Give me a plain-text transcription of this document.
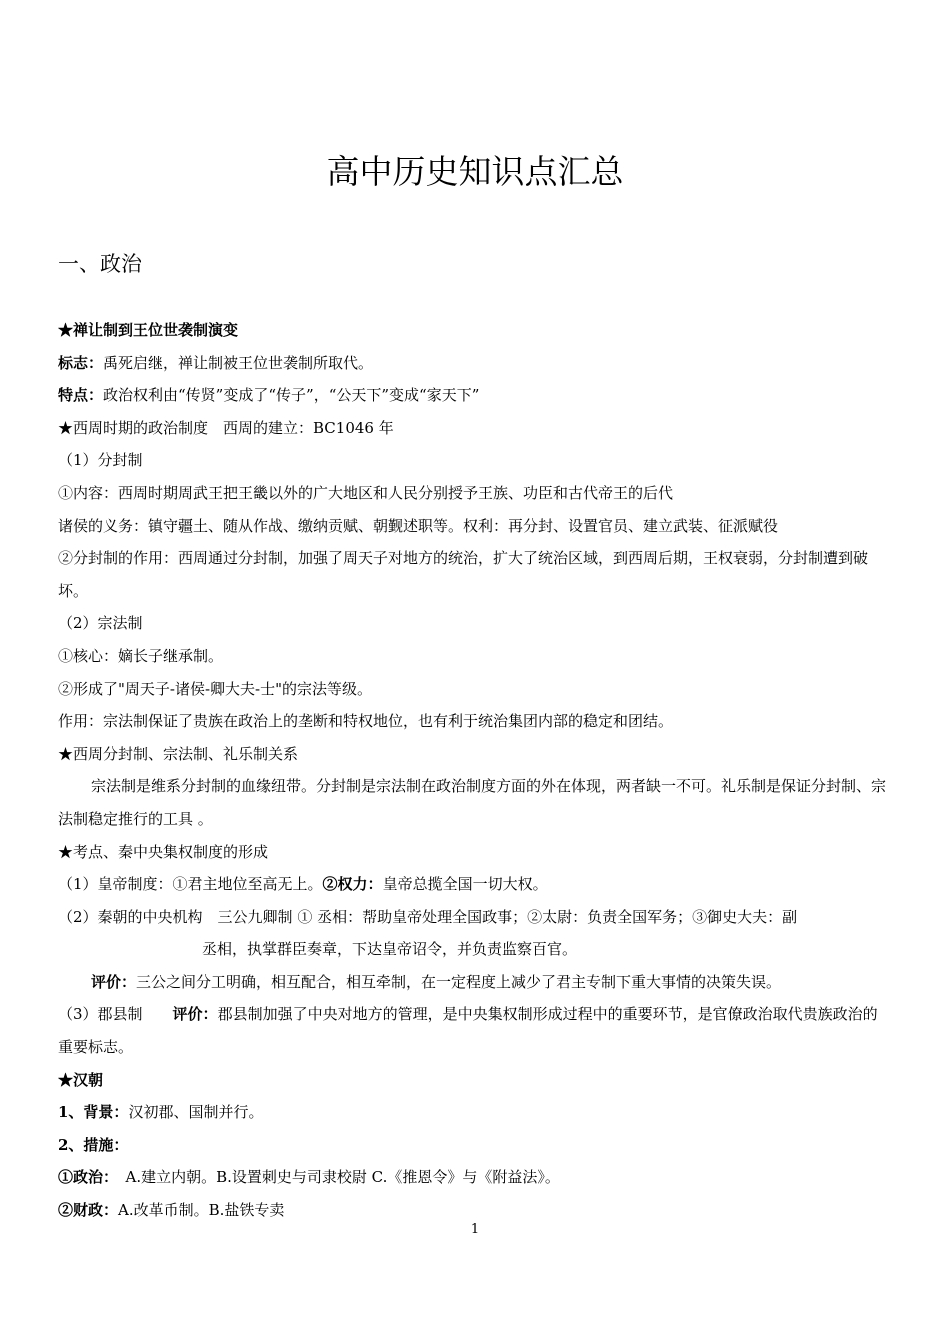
高中历史知识点汇总
一、政治
★禅让制到王位世袭制演变
标志：禹死启继，禅让制被王位世袭制所取代。
特点：政治权利由“传贤”变成了“传子”，“公天下”变成“家天下”
★西周时期的政治制度　西周的建立：BC1046 年
（1）分封制
①内容：西周时期周武王把王畿以外的广大地区和人民分别授予王族、功臣和古代帝王的后代
诸侯的义务：镇守疆土、随从作战、缴纳贡赋、朝觐述职等。权利：再分封、设置官员、建立武装、征派赋役
②分封制的作用：西周通过分封制，加强了周天子对地方的统治，扩大了统治区域，到西周后期，王权衰弱，分封制遭到破坏。
（2）宗法制
①核心：嫡长子继承制。
②形成了"周天子-诸侯-卿大夫-士"的宗法等级。
作用：宗法制保证了贵族在政治上的垄断和特权地位，也有利于统治集团内部的稳定和团结。
★西周分封制、宗法制、礼乐制关系
宗法制是维系分封制的血缘纽带。分封制是宗法制在政治制度方面的外在体现，两者缺一不可。礼乐制是保证分封制、宗法制稳定推行的工具 。
★考点、秦中央集权制度的形成
（1）皇帝制度：①君主地位至高无上。②权力：皇帝总揽全国一切大权。
（2）秦朝的中央机构　三公九卿制 ① 丞相：帮助皇帝处理全国政事；②太尉：负责全国军务；③御史大夫：副
丞相，执掌群臣奏章，下达皇帝诏令，并负责监察百官。
评价：三公之间分工明确，相互配合，相互牵制，在一定程度上减少了君主专制下重大事情的决策失误。
（3）郡县制　　评价：郡县制加强了中央对地方的管理，是中央集权制形成过程中的重要环节，是官僚政治取代贵族政治的重要标志。
★汉朝
1、背景：汉初郡、国制并行。
2、措施：
①政治：　A.建立内朝。B.设置刺史与司隶校尉 C.《推恩令》与《附益法》。
②财政：A.改革币制。B.盐铁专卖
1
